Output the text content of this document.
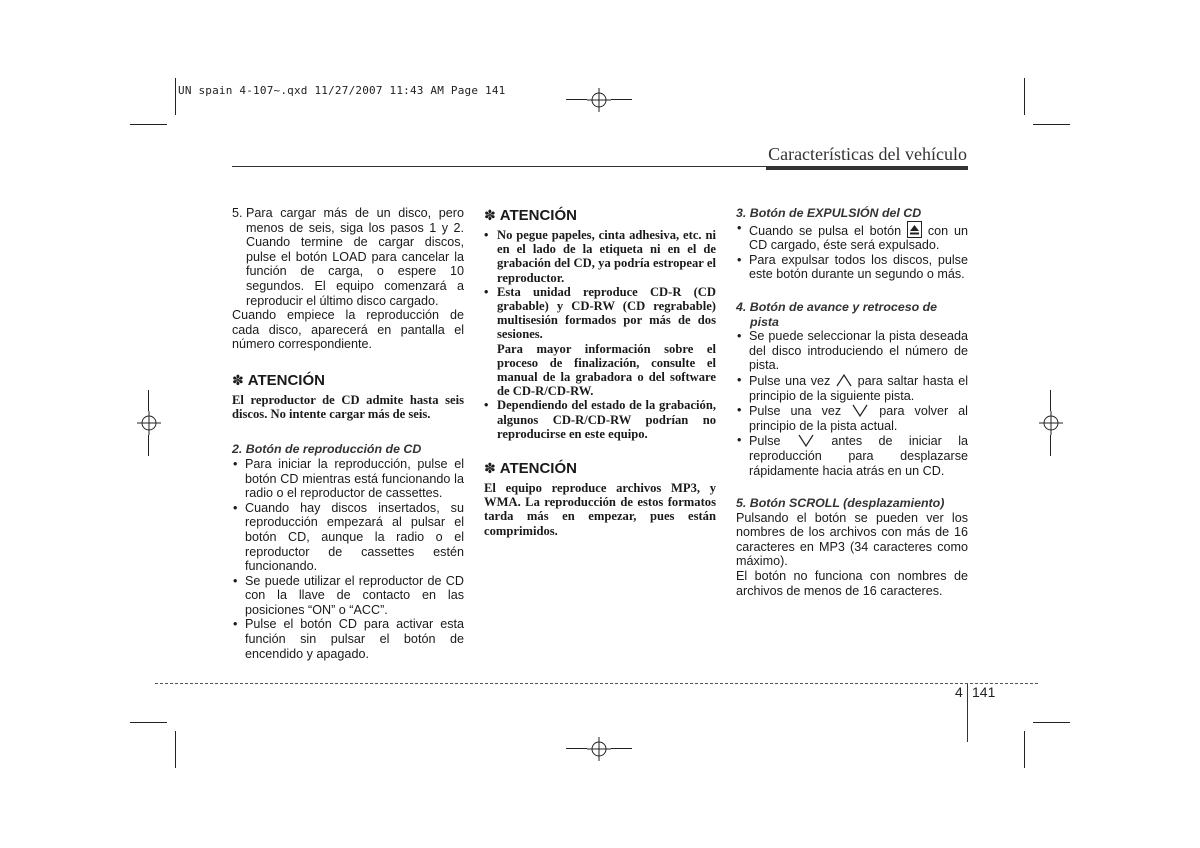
UN spain 4-107~.qxd 11/27/2007 11:43 AM Page 141
Características del vehículo
5. Para cargar más de un disco, pero menos de seis, siga los pasos 1 y 2. Cuando termine de cargar discos, pulse el botón LOAD para cancelar la función de carga, o espere 10 segundos. El equipo comenzará a reproducir el último disco cargado.

Cuando empiece la reproducción de cada disco, aparecerá en pantalla el número correspondiente.

✽ ATENCIÓN

El reproductor de CD admite hasta seis discos. No intente cargar más de seis.

2. Botón de reproducción de CD

• Para iniciar la reproducción, pulse el botón CD mientras está funcionando la radio o el reproductor de cassettes.
• Cuando hay discos insertados, su reproducción empezará al pulsar el botón CD, aunque la radio o el reproductor de cassettes estén funcionando.
• Se puede utilizar el reproductor de CD con la llave de contacto en las posiciones “ON” o “ACC”.
• Pulse el botón CD para activar esta función sin pulsar el botón de encendido y apagado.
✽ ATENCIÓN
• No pegue papeles, cinta adhesiva, etc. ni en el lado de la etiqueta ni en el de grabación del CD, ya podría estropear el reproductor.
• Esta unidad reproduce CD-R (CD grabable) y CD-RW (CD regrabable) multisesión formados por más de dos sesiones.

Para mayor información sobre el proceso de finalización, consulte el manual de la grabadora o del software de CD-R/CD-RW.

• Dependiendo del estado de la grabación, algunos CD-R/CD-RW podrían no reproducirse en este equipo.
✽ ATENCIÓN

El equipo reproduce archivos MP3, y WMA. La reproducción de estos formatos tarda más en empezar, pues están comprimidos.

3. Botón de EXPULSIÓN del CD

• Cuando se pulsa el botón con un CD cargado, éste será expulsado.
• Para expulsar todos los discos, pulse este botón durante un segundo o más.

4. Botón de avance y retroceso de
pista

• Se puede seleccionar la pista deseada del disco introduciendo el número de pista.
• Pulse una vez para saltar hasta el principio de la siguiente pista.
• Pulse una vez	para volver al principio de la pista actual.
• Pulse	antes de iniciar la reproducción para desplazarse rápidamente hacia atrás en un CD.

5. Botón SCROLL (desplazamiento)

Pulsando el botón se pueden ver los nombres de los archivos con más de 16 caracteres en MP3 (34 caracteres como máximo).

El botón no funciona con nombres de archivos de menos de 16 caracteres.

4 141
